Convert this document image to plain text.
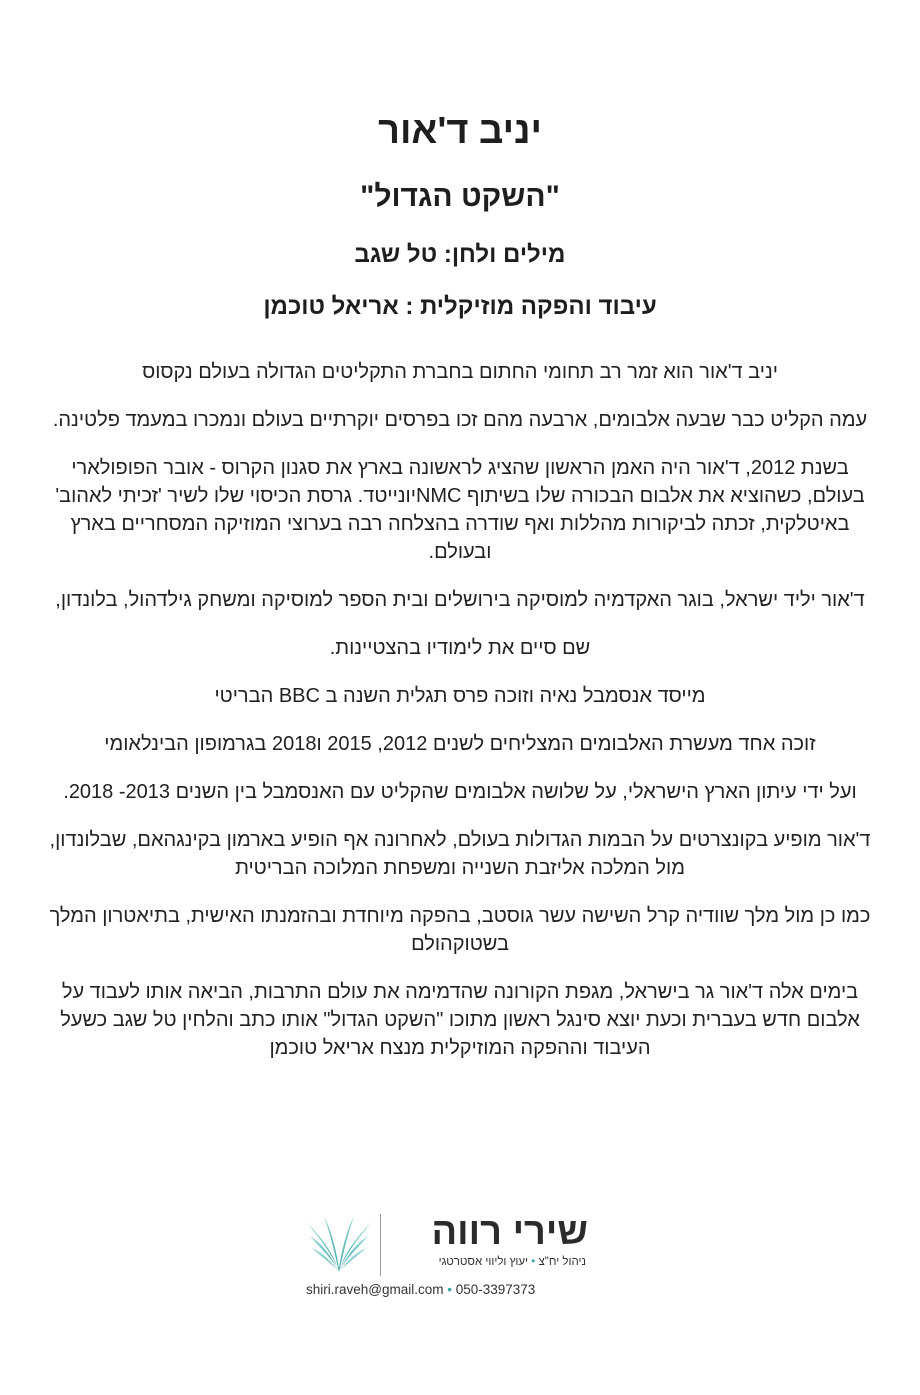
יניב ד'אור
"השקט הגדול"
מילים ולחן: טל שגב
עיבוד והפקה מוזיקלית : אריאל טוכמן

יניב ד'אור הוא זמר רב תחומי החתום בחברת התקליטים הגדולה בעולם נקסוס

עמה הקליט כבר שבעה אלבומים, ארבעה מהם זכו בפרסים יוקרתיים בעולם ונמכרו במעמד פלטינה.

בשנת 2012, ד'אור היה האמן הראשון שהציג לראשונה בארץ את סגנון הקרוס - אובר הפופולארי בעולם, כשהוציא את אלבום הבכורה שלו בשיתוף NMCיונייטד. גרסת הכיסוי שלו לשיר 'זכיתי לאהוב' באיטלקית, זכתה לביקורות מהללות ואף שודרה בהצלחה רבה בערוצי המוזיקה המסחריים בארץ ובעולם.

ד'אור יליד ישראל, בוגר האקדמיה למוסיקה בירושלים ובית הספר למוסיקה ומשחק גילדהול, בלונדון,

שם סיים את לימודיו בהצטיינות.

מייסד אנסמבל נאיה וזוכה פרס תגלית השנה ב BBC הבריטי

זוכה אחד מעשרת האלבומים המצליחים לשנים 2012, 2015 ו2018 בגרמופון הבינלאומי

ועל ידי עיתון הארץ הישראלי, על שלושה אלבומים שהקליט עם האנסמבל בין השנים 2013- 2018.

ד'אור מופיע בקונצרטים על הבמות הגדולות בעולם, לאחרונה אף הופיע בארמון בקינגהאם, שבלונדון, מול המלכה אליזבת השנייה ומשפחת המלוכה הבריטית

כמו כן מול מלך שוודיה קרל השישה עשר גוסטב, בהפקה מיוחדת ובהזמנתו האישית, בתיאטרון המלך בשטוקהולם

בימים אלה ד'אור גר בישראל, מגפת הקורונה שהדמימה את עולם התרבות, הביאה אותו לעבוד על אלבום חדש בעברית וכעת יוצא סינגל ראשון מתוכו "השקט הגדול" אותו כתב והלחין טל שגב כשעל העיבוד וההפקה המוזיקלית מנצח אריאל טוכמן

שירי רווה
ניהול יח"צ • יעוץ וליווי אסטרטגי
shiri.raveh@gmail.com • 050-3397373
